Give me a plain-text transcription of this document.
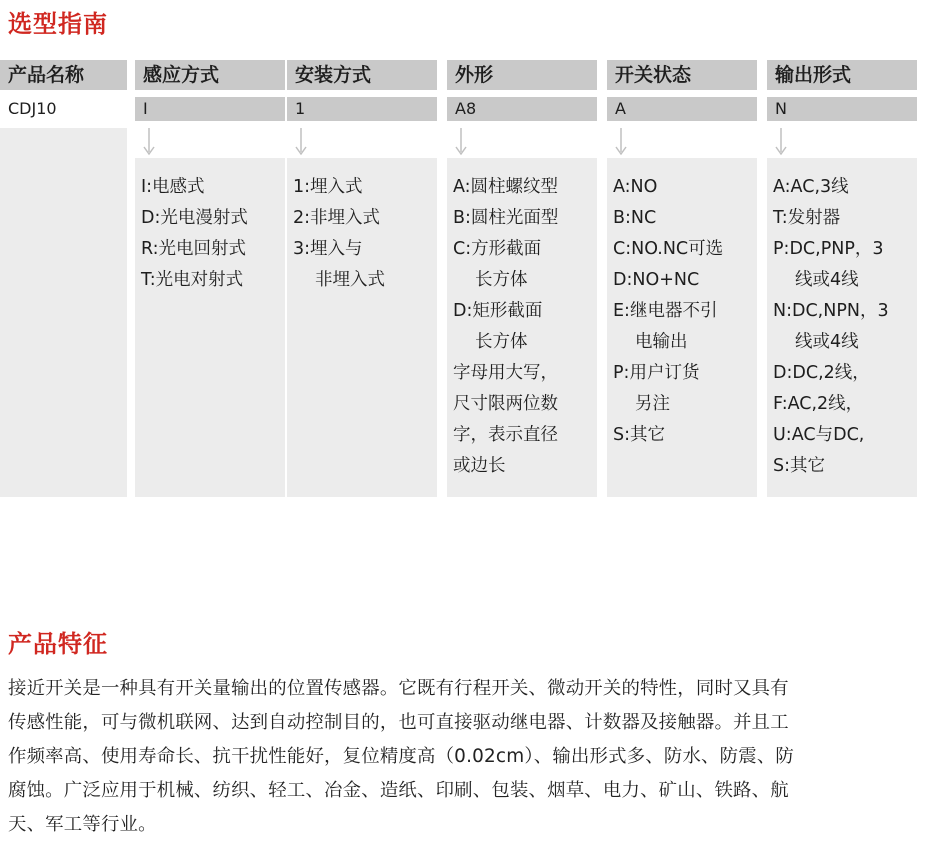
选型指南
产品名称
CDJ10
感应方式
I
I:电感式
D:光电漫射式
R:光电回射式
T:光电对射式
安装方式
1
1:埋入式
2:非埋入式
3:埋入与
非埋入式
外形
A8
A:圆柱螺纹型
B:圆柱光面型
C:方形截面
长方体
D:矩形截面
长方体
字母用大写，
尺寸限两位数
字，表示直径
或边长
开关状态
A
A:NO
B:NC
C:NO.NC可选
D:NO+NC
E:继电器不引
电输出
P:用户订货
另注
S:其它
输出形式
N
A:AC,3线
T:发射器
P:DC,PNP，3
线或4线
N:DC,NPN，3
线或4线
D:DC,2线，
F:AC,2线，
U:AC与DC,
S:其它
产品特征

接近开关是一种具有开关量输出的位置传感器。它既有行程开关、微动开关的特性，同时又具有
传感性能，可与微机联网、达到自动控制目的，也可直接驱动继电器、计数器及接触器。并且工
作频率高、使用寿命长、抗干扰性能好，复位精度高（0.02cm）、输出形式多、防水、防震、防
腐蚀。广泛应用于机械、纺织、轻工、冶金、造纸、印刷、包装、烟草、电力、矿山、铁路、航
天、军工等行业。
